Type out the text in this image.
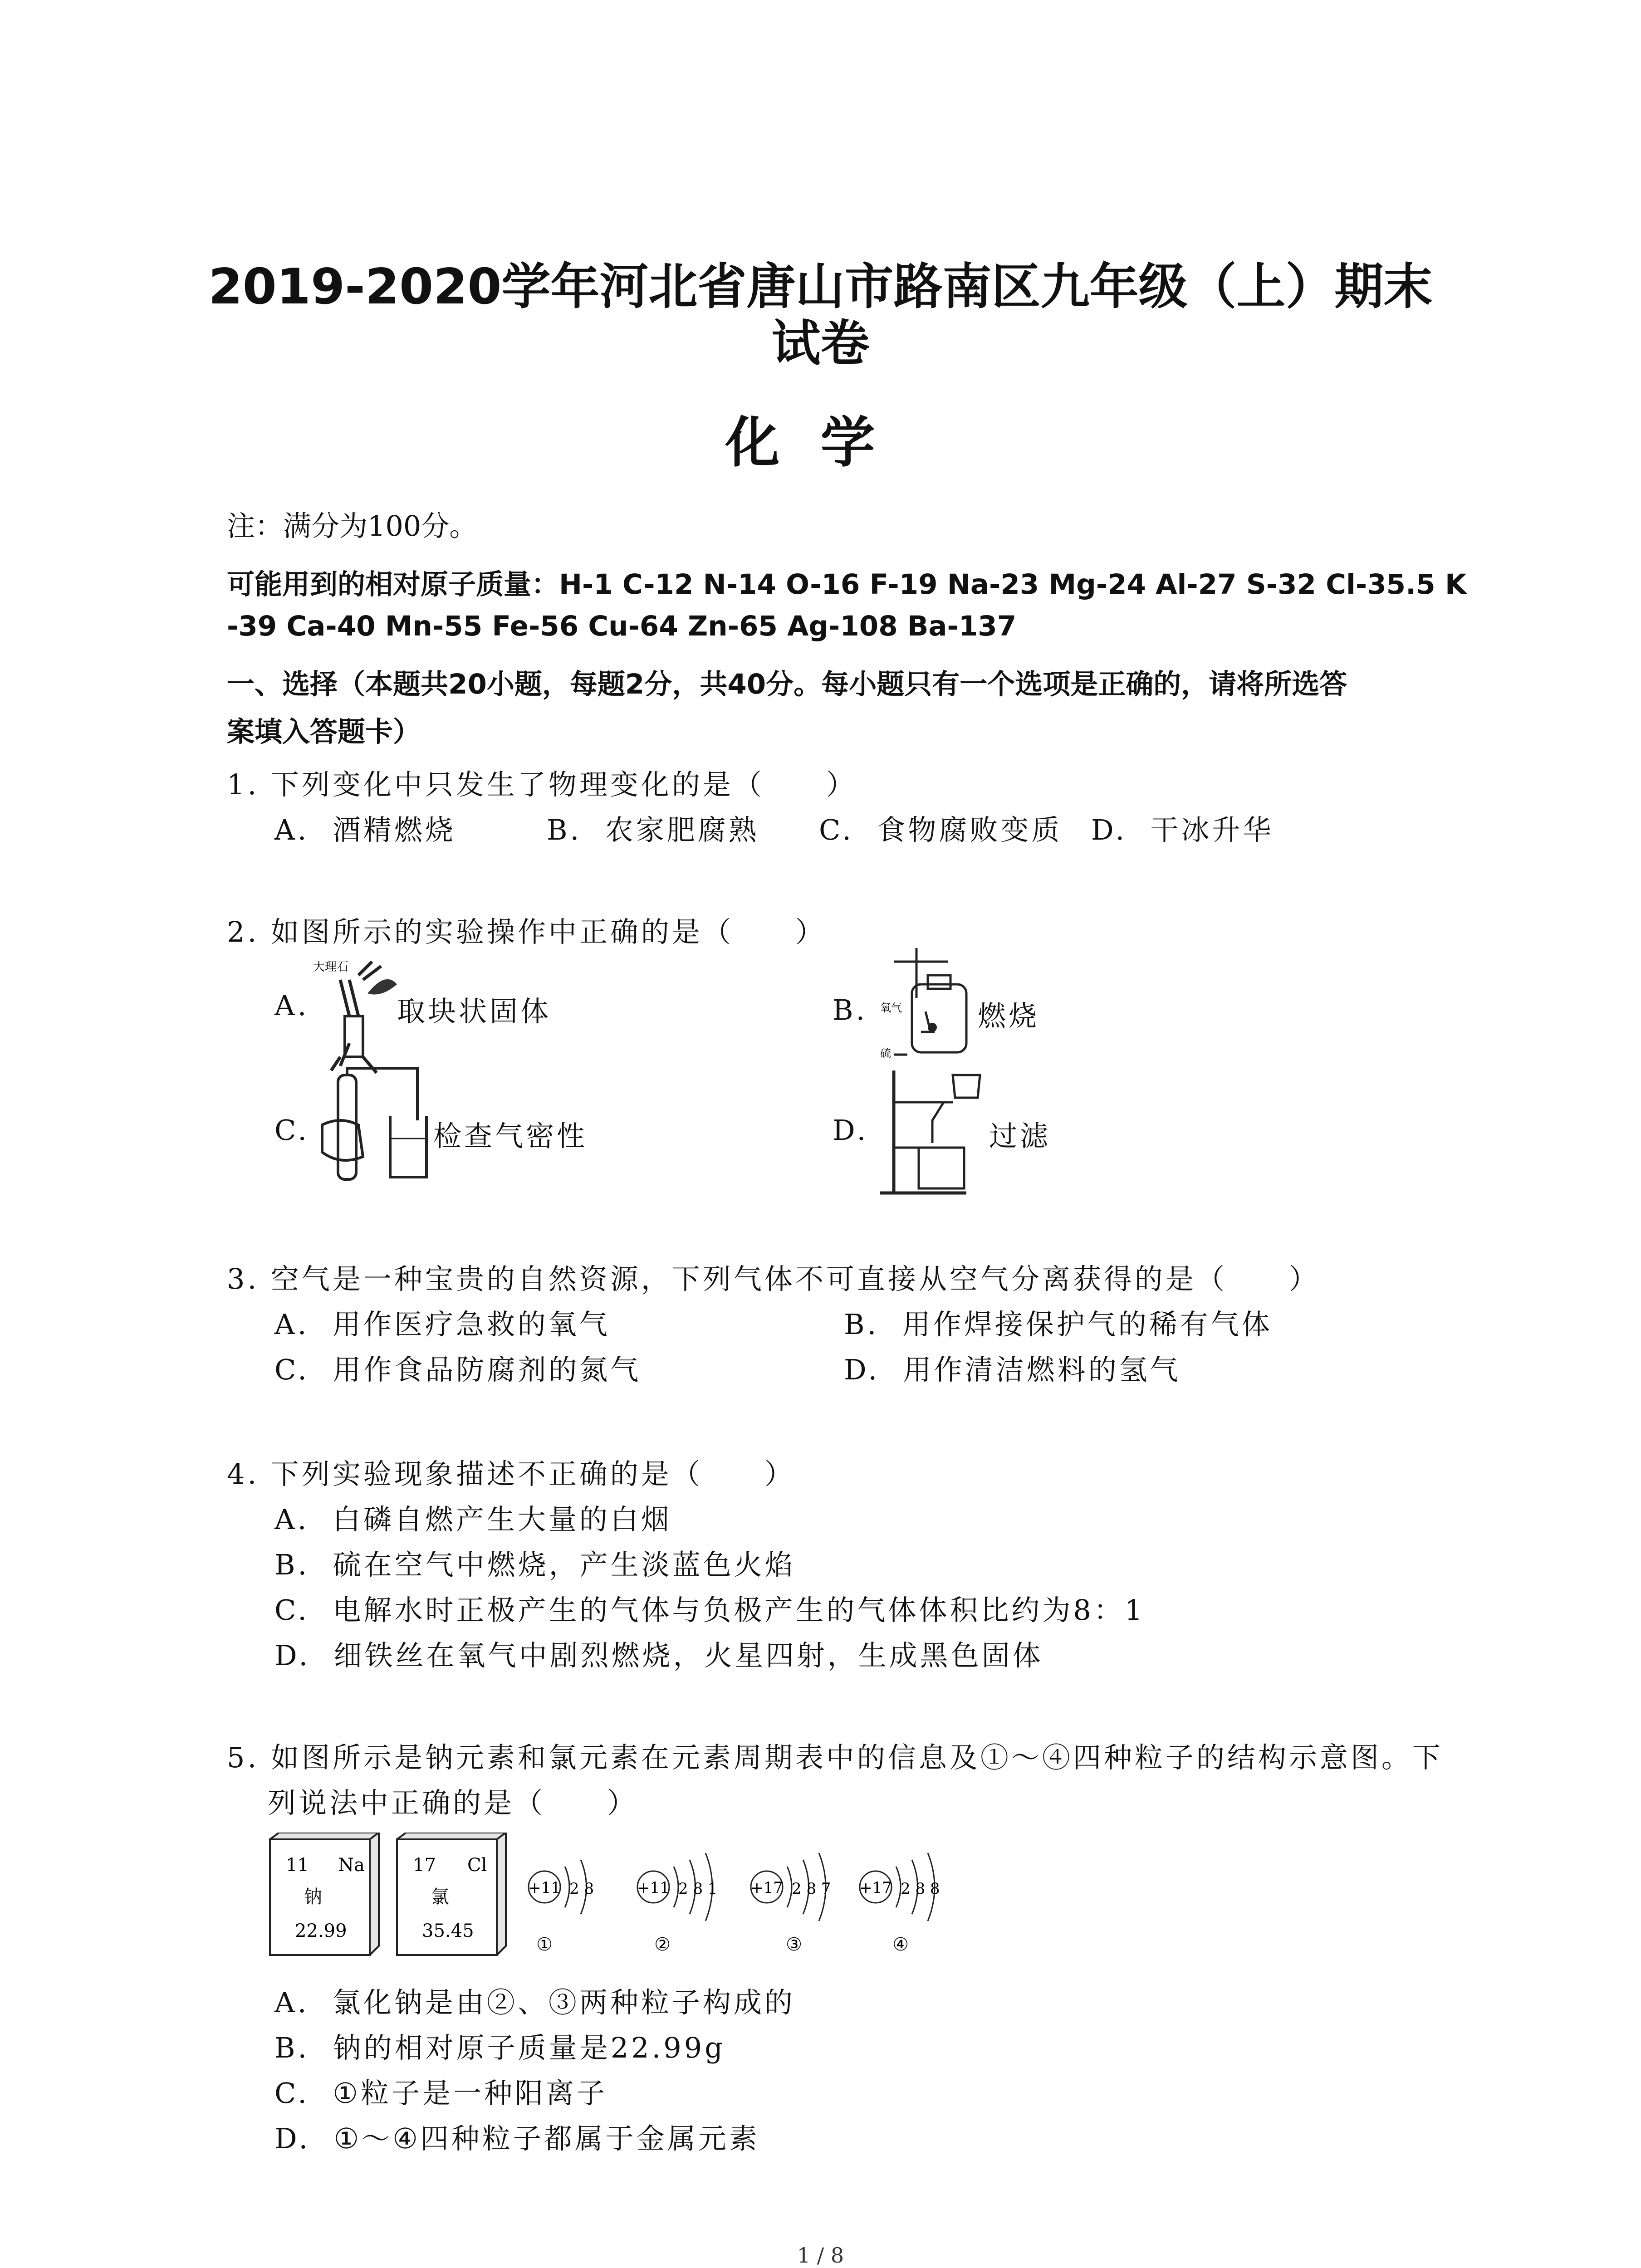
2019-2020学年河北省唐山市路南区九年级（上）期末
试卷
化学
注：满分为100分。
可能用到的相对原子质量：H-1 C-12 N-14 O-16 F-19 Na-23 Mg-24 Al-27 S-32 Cl-35.5 K
-39 Ca-40 Mn-55 Fe-56 Cu-64 Zn-65 Ag-108 Ba-137
一、选择（本题共20小题，每题2分，共40分。每小题只有一个选项是正确的，请将所选答
案填入答题卡）
1. 下列变化中只发生了物理变化的是（　　）
A. 酒精燃烧	B. 农家肥腐熟 C. 食物腐败变质 D. 干冰升华
2. 如图所示的实验操作中正确的是（　　）
A.
大理石
取块状固体	B. 氧气
硫
燃烧
C.	检查气密性	D.	过滤
3. 空气是一种宝贵的自然资源，下列气体不可直接从空气分离获得的是（　　）
A. 用作医疗急救的氧气	B. 用作焊接保护气的稀有气体
C. 用作食品防腐剂的氮气	D. 用作清洁燃料的氢气
4. 下列实验现象描述不正确的是（　　）
A. 白磷自燃产生大量的白烟
B. 硫在空气中燃烧，产生淡蓝色火焰
C. 电解水时正极产生的气体与负极产生的气体体积比约为8：1
D. 细铁丝在氧气中剧烈燃烧，火星四射，生成黑色固体
5. 如图所示是钠元素和氯元素在元素周期表中的信息及①～④四种粒子的结构示意图。下
列说法中正确的是（　　）
11 Na
钠
22.99
17 Cl
氯
35.45
+11 2 8
①
+11 2 8 1
②
+17 2 8 7
③
+17 2 8 8
④
A. 氯化钠是由②、③两种粒子构成的
B. 钠的相对原子质量是22.99g
C. ①粒子是一种阳离子
D. ①～④四种粒子都属于金属元素
1 / 8
